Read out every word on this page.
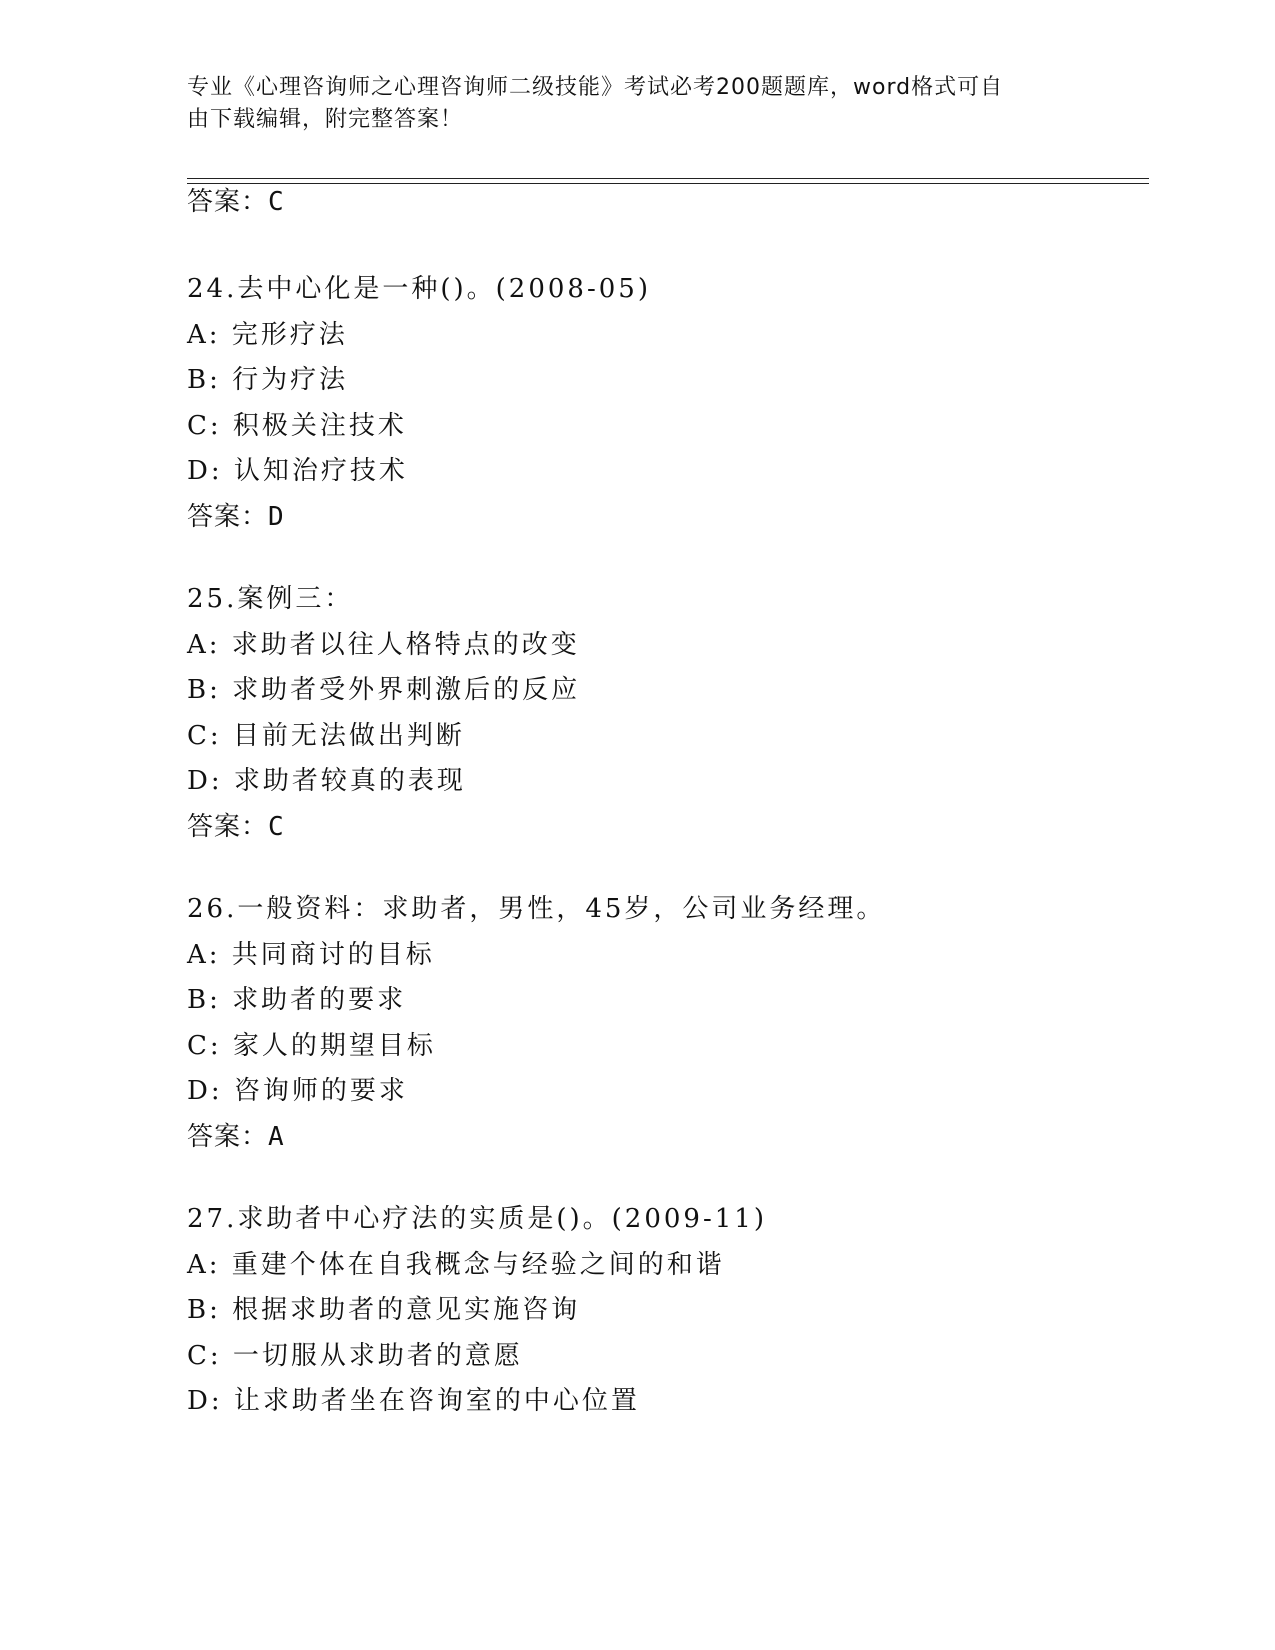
专业《心理咨询师之心理咨询师二级技能》考试必考200题题库，word格式可自
由下载编辑，附完整答案！
答案：C
24.去中心化是一种()。(2008-05)
A: 完形疗法
B: 行为疗法
C: 积极关注技术
D: 认知治疗技术
答案：D
25.案例三：
A: 求助者以往人格特点的改变
B: 求助者受外界刺激后的反应
C: 目前无法做出判断
D: 求助者较真的表现
答案：C
26.一般资料：求助者，男性，45岁，公司业务经理。
A: 共同商讨的目标
B: 求助者的要求
C: 家人的期望目标
D: 咨询师的要求
答案：A
27.求助者中心疗法的实质是()。(2009-11)
A: 重建个体在自我概念与经验之间的和谐
B: 根据求助者的意见实施咨询
C: 一切服从求助者的意愿
D: 让求助者坐在咨询室的中心位置
